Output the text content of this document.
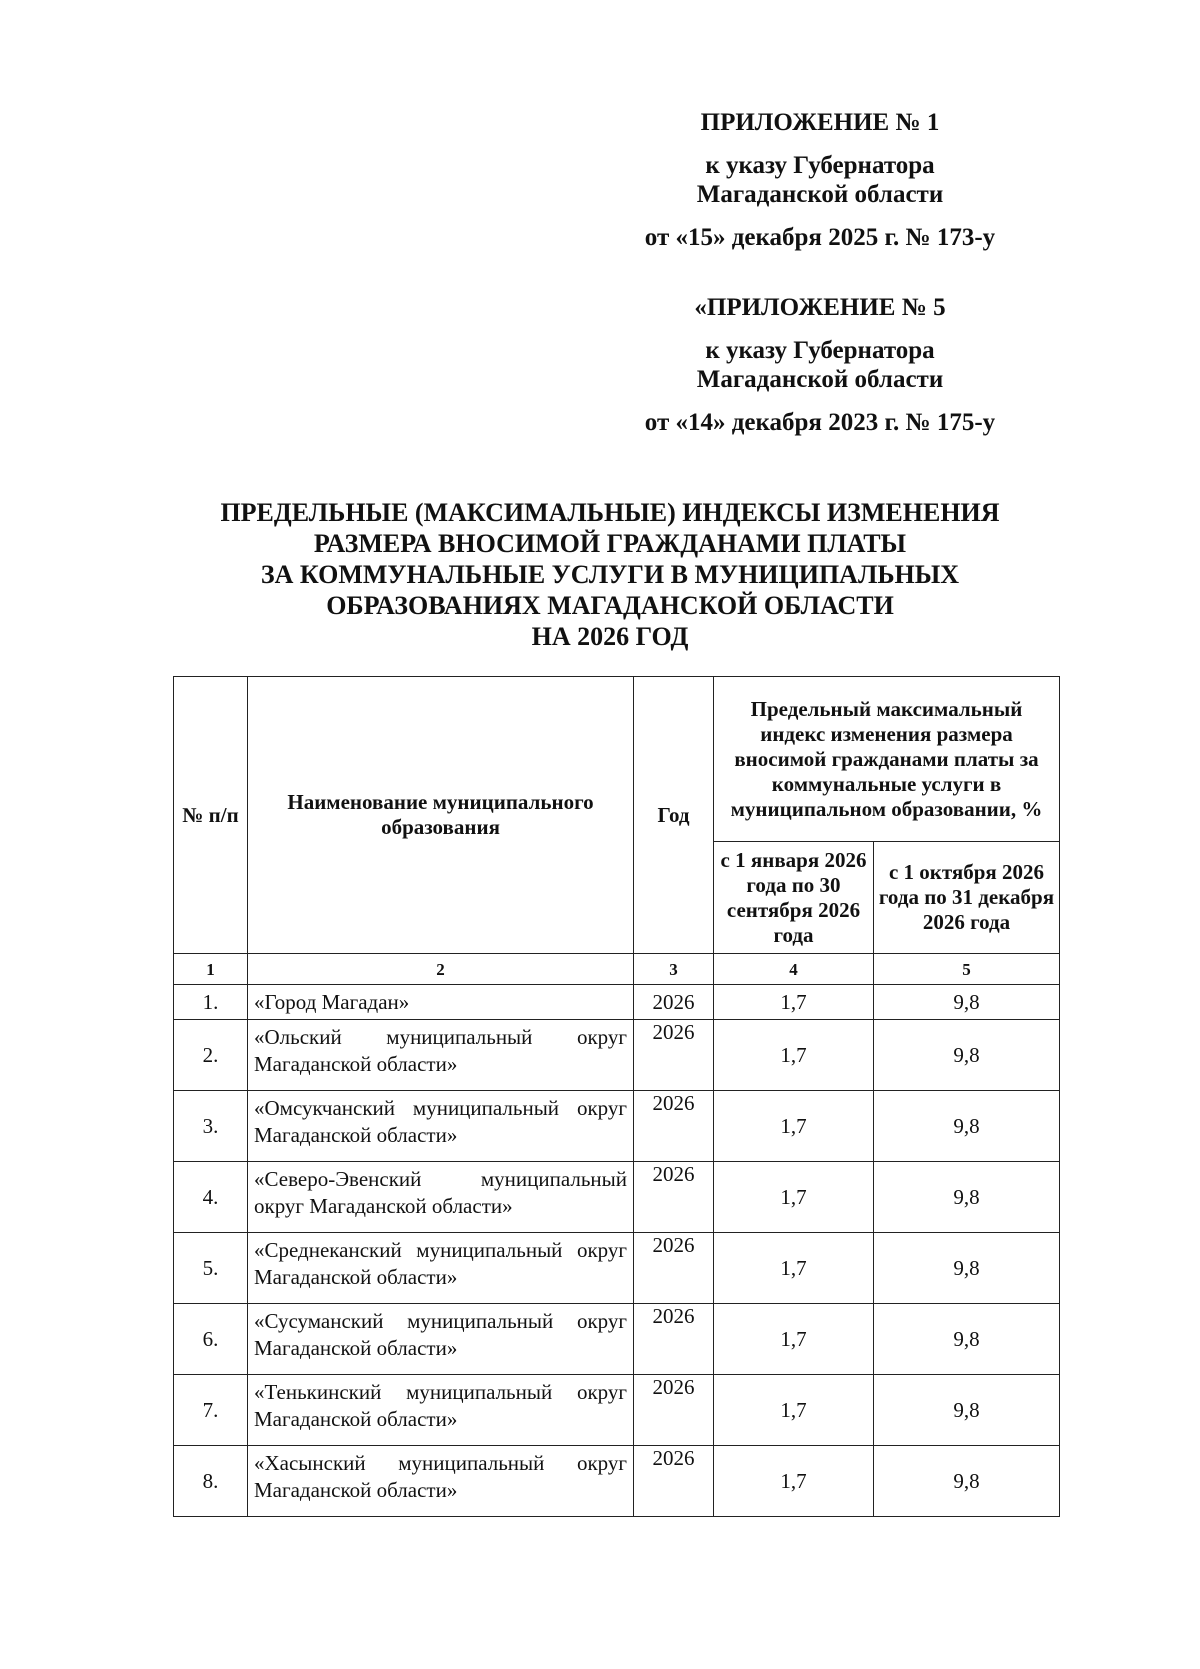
ПРИЛОЖЕНИЕ № 1
к указу Губернатора
Магаданской области
от «15» декабря 2025 г. № 173-у
«ПРИЛОЖЕНИЕ № 5
к указу Губернатора
Магаданской области
от «14» декабря 2023 г. № 175-у
ПРЕДЕЛЬНЫЕ (МАКСИМАЛЬНЫЕ) ИНДЕКСЫ ИЗМЕНЕНИЯ
РАЗМЕРА ВНОСИМОЙ ГРАЖДАНАМИ ПЛАТЫ
ЗА КОММУНАЛЬНЫЕ УСЛУГИ В МУНИЦИПАЛЬНЫХ
ОБРАЗОВАНИЯХ МАГАДАНСКОЙ ОБЛАСТИ
НА 2026 ГОД
№ п/п	Наименование муниципального образования	Год	Предельный максимальный индекс изменения размера вносимой гражданами платы за коммунальные услуги в муниципальном образовании, %	
			с 1 января 2026 года по 30 сентября 2026 года	с 1 октября 2026 года по 31 декабря 2026 года
1	2	3	4	5
1.	«Город Магадан»	2026	1,7	9,8
2.	«Ольский муниципальный округ Магаданской области»	2026	1,7	9,8
3.	«Омсукчанский муниципальный округ Магаданской области»	2026	1,7	9,8
4.	«Северо-Эвенский муниципальный округ Магаданской области»	2026	1,7	9,8
5.	«Среднеканский муниципальный округ Магаданской области»	2026	1,7	9,8
6.	«Сусуманский муниципальный округ Магаданской области»	2026	1,7	9,8
7.	«Тенькинский муниципальный округ Магаданской области»	2026	1,7	9,8
8.	«Хасынский муниципальный округ Магаданской области»	2026	1,7	9,8
